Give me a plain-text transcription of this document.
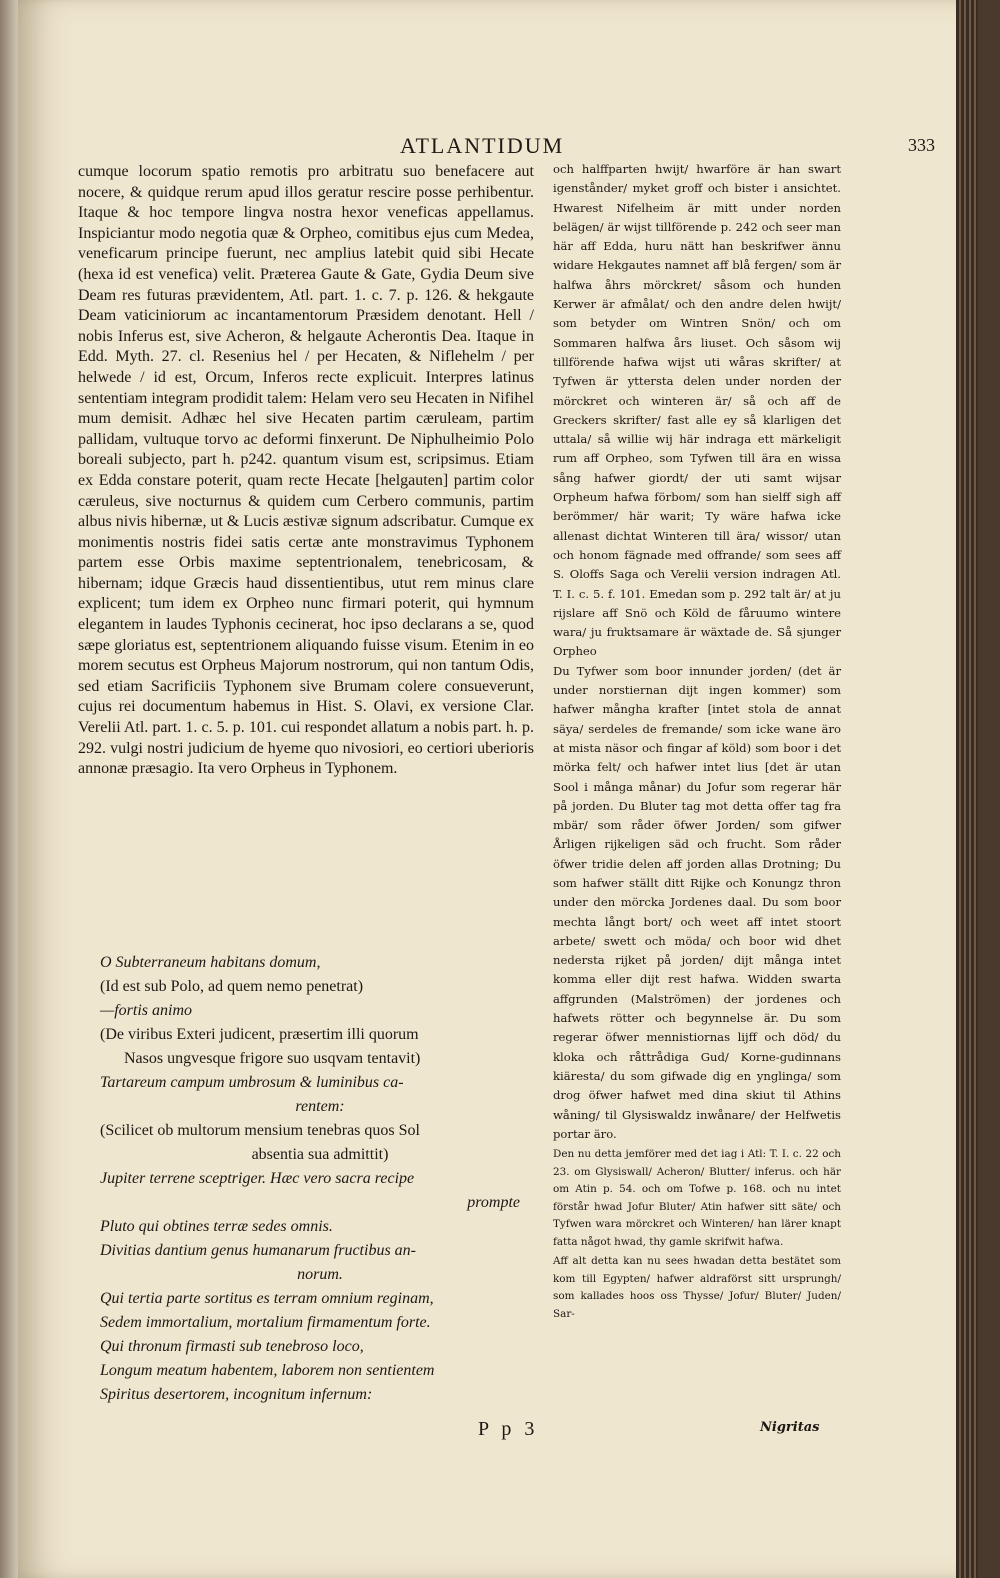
ATLANTIDUM	333

cumque locorum spatio remotis pro arbitratu suo benefacere aut nocere, & quidque rerum apud illos geratur rescire posse perhibentur. Itaque & hoc tempore lingva nostra hexor veneficas appellamus. Inspiciantur modo negotia quæ & Orpheo, comitibus ejus cum Medea, veneficarum principe fuerunt, nec amplius latebit quid sibi Hecate (hexa id est venefica) velit. Præterea Gaute & Gate, Gydia Deum sive Deam res futuras prævidentem, Atl. part. 1. c. 7. p. 126. & hekgaute Deam vaticiniorum ac incantamentorum Præsidem denotant. Hell / nobis Inferus est, sive Acheron, & helgaute Acherontis Dea. Itaque in Edd. Myth. 27. cl. Resenius hel / per Hecaten, & Niflehelm / per helwede / id est, Orcum, Inferos recte explicuit. Interpres latinus sententiam integram prodidit talem: Helam vero seu Hecaten in Nifihel mum demisit. Adhæc hel sive Hecaten partim cæruleam, partim pallidam, vultuque torvo ac deformi finxerunt. De Niphulheimio Polo boreali subjecto, part h. p242. quantum visum est, scripsimus. Etiam ex Edda constare poterit, quam recte Hecate [helgauten] partim color cæruleus, sive nocturnus & quidem cum Cerbero communis, partim albus nivis hibernæ, ut & Lucis æstivæ signum adscribatur. Cumque ex monimentis nostris fidei satis certæ ante monstravimus Typhonem partem esse Orbis maxime septentrionalem, tenebricosam, & hibernam; idque Græcis haud dissentientibus, utut rem minus clare explicent; tum idem ex Orpheo nunc firmari poterit, qui hymnum elegantem in laudes Typhonis cecinerat, hoc ipso declarans a se, quod sæpe gloriatus est, septentrionem aliquando fuisse visum. Etenim in eo morem secutus est Orpheus Majorum nostrorum, qui non tantum Odis, sed etiam Sacrificiis Typhonem sive Brumam colere consueverunt, cujus rei documentum habemus in Hist. S. Olavi, ex versione Clar. Verelii Atl. part. 1. c. 5. p. 101. cui respondet allatum a nobis part. h. p. 292. vulgi nostri judicium de hyeme quo nivosiori, eo certiori uberioris annonæ præsagio. Ita vero Orpheus in Typhonem.

O Subterraneum habitans domum,
(Id est sub Polo, ad quem nemo penetrat)
—fortis animo
(De viribus Exteri judicent, præsertim illi quorum
Nasos ungvesque frigore suo usqvam tentavit)
Tartareum campum umbrosum & luminibus ca-
rentem:
(Scilicet ob multorum mensium tenebras quos Sol
absentia sua admittit)
Jupiter terrene sceptriger. Hæc vero sacra recipe
prompte
Pluto qui obtines terræ sedes omnis.
Divitias dantium genus humanarum fructibus an-
norum.
Qui tertia parte sortitus es terram omnium reginam,
Sedem immortalium, mortalium firmamentum forte.
Qui thronum firmasti sub tenebroso loco,
Longum meatum habentem, laborem non sentientem
Spiritus desertorem, incognitum infernum:
P p 3

och halffparten hwijt/ hwarföre är han swart igenstånder/ myket groff och bister i ansichtet. Hwarest Nifelheim är mitt under norden belägen/ är wijst tillförende p. 242 och seer man här aff Edda, huru nätt han beskrifwer ännu widare Hekgautes namnet aff blå fergen/ som är halfwa åhrs mörckret/ såsom och hunden Kerwer är afmålat/ och den andre delen hwijt/ som betyder om Wintren Snön/ och om Sommaren halfwa års liuset. Och såsom wij tillförende hafwa wijst uti wåras skrifter/ at Tyfwen är yttersta delen under norden der mörckret och winteren är/ så och aff de Greckers skrifter/ fast alle ey så klarligen det uttala/ så willie wij här indraga ett märkeligit rum aff Orpheo, som Tyfwen till ära en wissa sång hafwer giordt/ der uti samt wijsar Orpheum hafwa förbom/ som han sielff sigh aff berömmer/ här warit; Ty wäre hafwa icke allenast dichtat Winteren till ära/ wissor/ utan och honom fägnade med offrande/ som sees aff S. Oloffs Saga och Verelii version indragen Atl. T. I. c. 5. f. 101. Emedan som p. 292 talt är/ at ju rijslare aff Snö och Köld de fåruumo wintere wara/ ju fruktsamare är wäxtade de. Så sjunger Orpheo

Du Tyfwer som boor innunder jorden/ (det är under norstiernan dijt ingen kommer) som hafwer mångha krafter [intet stola de annat säya/ serdeles de fremande/ som icke wane äro at mista näsor och fingar af köld) som boor i det mörka felt/ och hafwer intet lius [det är utan Sool i många månar) du Jofur som regerar här på jorden. Du Bluter tag mot detta offer tag fra mbär/ som råder öfwer Jorden/ som gifwer Årligen rijkeligen säd och frucht. Som råder öfwer tridie delen aff jorden allas Drotning; Du som hafwer ställt ditt Rijke och Konungz thron under den mörcka Jordenes daal. Du som boor mechta långt bort/ och weet aff intet stoort arbete/ swett och möda/ och boor wid dhet nedersta rijket på jorden/ dijt många intet komma eller dijt rest hafwa. Widden swarta affgrunden (Malströmen) der jordenes och hafwets rötter och begynnelse är. Du som regerar öfwer mennistiornas lijff och död/ du kloka och råttrådiga Gud/ Korne-gudinnans kiäresta/ du som gifwade dig en ynglinga/ som drog öfwer hafwet med dina skiut til Athins wåning/ til Glysiswaldz inwånare/ der Helfwetis portar äro.

Den nu detta jemförer med det iag i Atl: T. I. c. 22 och 23. om Glysiswall/ Acheron/ Blutter/ inferus. och här om Atin p. 54. och om Tofwe p. 168. och nu intet förstår hwad Jofur Bluter/ Atin hafwer sitt säte/ och Tyfwen wara mörckret och Winteren/ han lärer knapt fatta något hwad, thy gamle skrifwit hafwa.

Aff alt detta kan nu sees hwadan detta bestätet som kom till Egypten/ hafwer aldraförst sitt ursprungh/ som kallades hoos oss Thysse/ Jofur/ Bluter/ Juden/ Sar-

Nigritas
